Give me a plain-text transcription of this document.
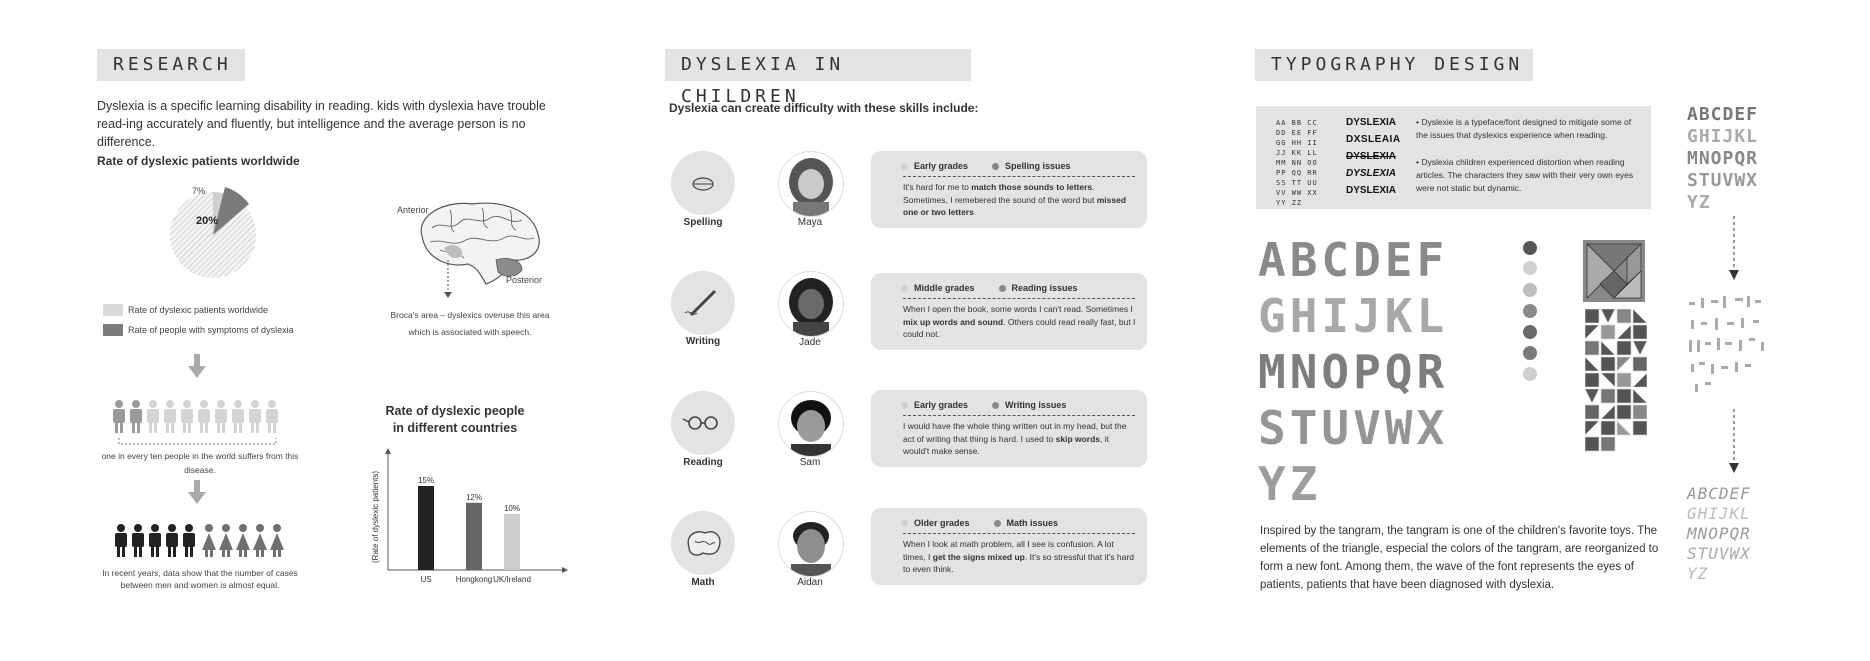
RESEARCH
Dyslexia is a specific learning disability in reading. kids with dyslexia have trouble read-ing accurately and fluently, but intelligence and the average person is no difference.
Rate of dyslexic patients worldwide
7%
20%
Rate of dyslexic patients worldwide
Rate of people with symptoms of dyslexia
one in every ten people in the world suffers from this disease.
In recent years, data show that the number of cases between men and women is almost equal.
Anterior
Posterior
Broca's area – dyslexics overuse this area which is associated with speech.
Rate of dyslexic people in different countries
(Rate of dyslexic patients)	15%
US
12%
Hongkong
10%
UK/Ireland
DYSLEXIA IN CHILDREN
Dyslexia can create difficulty with these skills include:
Spelling	Maya
Early grades	Spelling issues
It's hard for me to match those sounds to letters. Sometimes, I remebered the sound of the word but missed one or two letters
Writing	Jade
Middle grades	Reading issues
When I open the book, some words I can't read. Sometimes I mix up words and sound. Others could read really fast, but I could not.
Reading	Sam
Early grades	Writing issues
I would have the whole thing written out in my head, but the act of writing that thing is hard. I used to skip words, it would't make sense.
Math	Aidan
Older grades	Math issues
When I look at math problem, all I see is confusion. A lot times, I get the signs mixed up. It's so stressful that it's hard to even think.
TYPOGRAPHY DESIGN
AA BB CC
DD EE FF
GG HH II
JJ KK LL
MM NN OO
PP QQ RR
SS TT UU
VV WW XX
YY ZZ
DYSLEXIA
DXSLEAIA
DYSLEXIA
DYSLEXIA
DYSLEXIA
• Dyslexie is a typeface/font designed to mitigate some of the issues that dyslexics experience when reading.
• Dyslexia children experienced distortion when reading articles. The characters they saw with their very own eyes were not static but dynamic.
ABCDEF
GHIJKL
MNOPQR
STUVWX
YZ
ABCDEF
GHIJKL
MNOPQR
STUVWX
YZ
ABCDEF
GHIJKL
MNOPQR
STUVWX
YZ
Inspired by the tangram, the tangram is one of the children's favorite toys. The elements of the triangle, especial the colors of the tangram, are reorganized to form a new font. Among them, the wave of the font represents the eyes of patients, patients that have been diagnosed with dyslexia.
